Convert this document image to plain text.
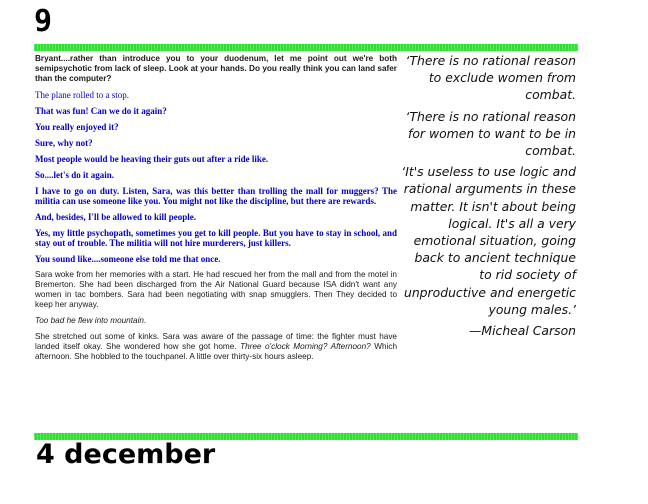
9

Bryant....rather than introduce you to your duodenum, let me point out we're both semipsychotic from lack of sleep. Look at your hands. Do you really think you can land safer than the computer?

The plane rolled to a stop.

That was fun! Can we do it again?

You really enjoyed it?

Sure, why not?

Most people would be heaving their guts out after a ride like.

So....let's do it again.

I have to go on duty. Listen, Sara, was this better than trolling the mall for muggers? The militia can use someone like you. You might not like the discipline, but there are rewards.

And, besides, I'll be allowed to kill people.

Yes, my little psychopath, sometimes you get to kill people. But you have to stay in school, and stay out of trouble. The militia will not hire murderers, just killers.

You sound like....someone else told me that once.

Sara woke from her memories with a start. He had rescued her from the mall and from the motel in Bremerton. She had been discharged from the Air National Guard because ISA didn't want any women in tac bombers. Sara had been negotiating with snap smugglers. Then They decided to keep her anyway.

Too bad he flew into mountain.

She stretched out some of kinks. Sara was aware of the passage of time: the fighter must have landed itself okay. She wondered how she got home. Three o'clock Morning? Afternoon? Which afternoon. She hobbled to the touchpanel. A little over thirty-six hours asleep.

‘There is no rational reason to exclude women from combat.

‘There is no rational reason for women to want to be in combat.

‘It's useless to use logic and rational arguments in these matter. It isn't about being logical. It's all a very emotional situation, going back to ancient technique to rid society of unproductive and energetic young males.’

—Micheal Carson

4 december
